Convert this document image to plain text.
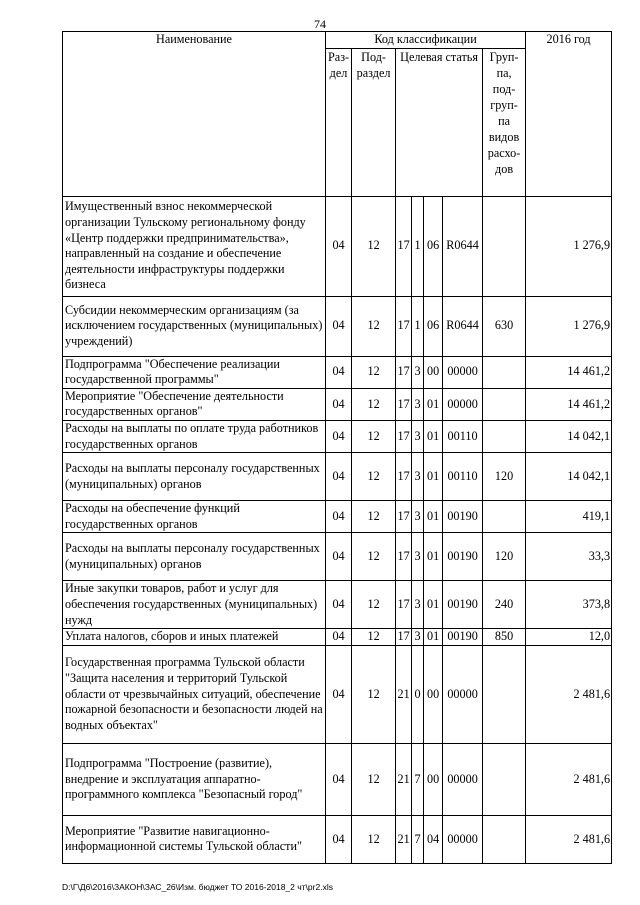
74
Наименование	Код классификации							2016 год
	Раз-дел	Под-раздел	Целевая статья				Груп-па, под-груп-па видов расхо-дов	
Имущественный взнос некоммерческой организации Тульскому региональному фонду «Центр поддержки предпринимательства», направленный на создание и обеспечение деятельности инфраструктуры поддержки бизнеса	04	12	17	1	06	R0644		1 276,9
Субсидии некоммерческим организациям (за исключением государственных (муниципальных) учреждений)	04	12	17	1	06	R0644	630	1 276,9
Подпрограмма "Обеспечение реализации государственной программы"	04	12	17	3	00	00000		14 461,2
Мероприятие "Обеспечение деятельности государственных органов"	04	12	17	3	01	00000		14 461,2
Расходы на выплаты по оплате труда работников государственных органов	04	12	17	3	01	00110		14 042,1
Расходы на выплаты персоналу государственных (муниципальных) органов	04	12	17	3	01	00110	120	14 042,1
Расходы на обеспечение функций государственных органов	04	12	17	3	01	00190		419,1
Расходы на выплаты персоналу государственных (муниципальных) органов	04	12	17	3	01	00190	120	33,3
Иные закупки товаров, работ и услуг для обеспечения государственных (муниципальных) нужд	04	12	17	3	01	00190	240	373,8
Уплата налогов, сборов и иных платежей	04	12	17	3	01	00190	850	12,0
Государственная программа Тульской области "Защита населения и территорий Тульской области от чрезвычайных ситуаций, обеспечение пожарной безопасности и безопасности людей на водных объектах"	04	12	21	0	00	00000		2 481,6
Подпрограмма "Построение (развитие), внедрение и эксплуатация аппаратно-программного комплекса "Безопасный город"	04	12	21	7	00	00000		2 481,6
Мероприятие "Развитие навигационно-информационной системы Тульской области"	04	12	21	7	04	00000		2 481,6
D:\Г\Д6\2016\ЗАКОН\ЗАС_26\Изм. бюджет ТО 2016-2018_2 чт\pr2.xls
